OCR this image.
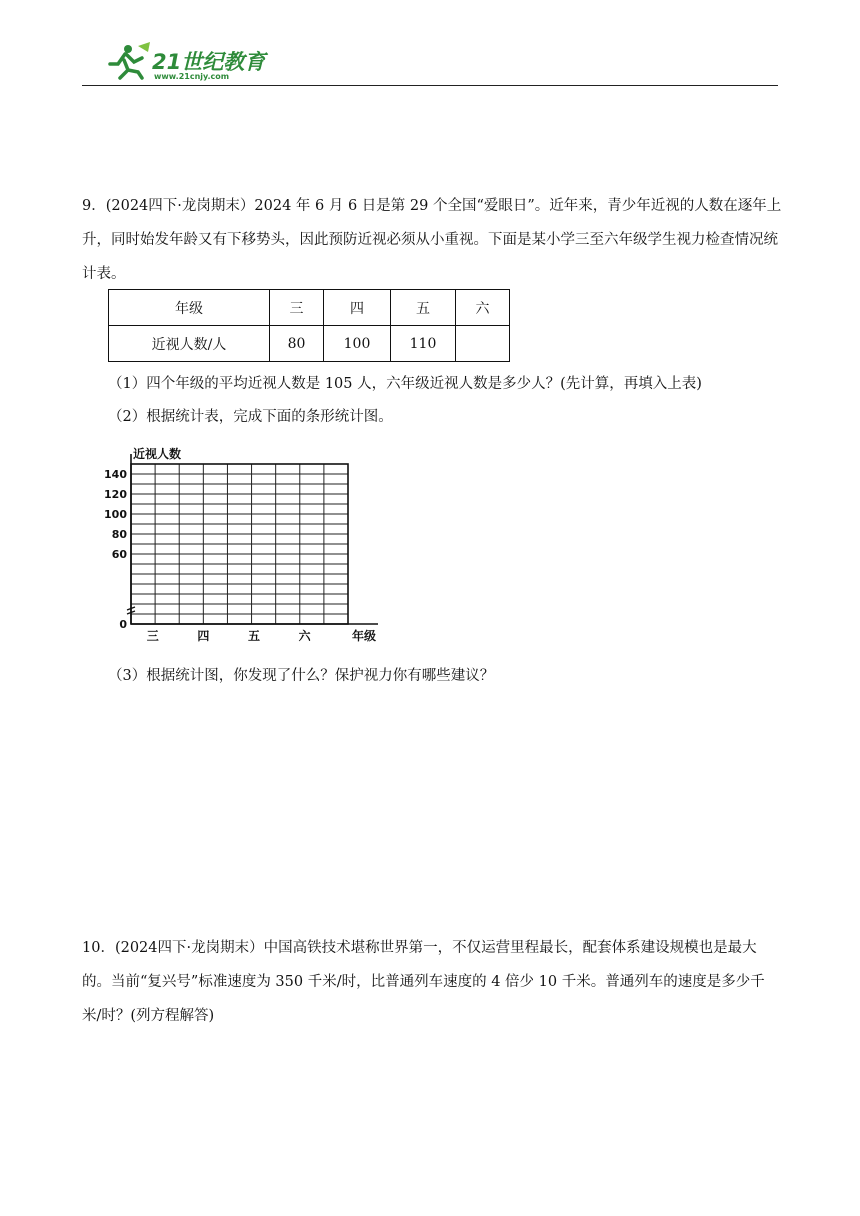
21世纪教育
www.21cnjy.com
9．(2024四下·龙岗期末）2024 年 6 月 6 日是第 29 个全国“爱眼日”。近年来，青少年近视的人数在逐年上升，同时始发年龄又有下移势头，因此预防近视必须从小重视。下面是某小学三至六年级学生视力检查情况统计表。
年级	三	四	五	六
近视人数/人	80	100	110	
（1）四个年级的平均近视人数是 105 人，六年级近视人数是多少人？(先计算，再填入上表)
（2）根据统计表，完成下面的条形统计图。
0
60
80
100
120
140
近视人数
三	四	五	六	年级
（3）根据统计图，你发现了什么？保护视力你有哪些建议？
10．(2024四下·龙岗期末）中国高铁技术堪称世界第一，不仅运营里程最长，配套体系建设规模也是最大的。当前“复兴号”标准速度为 350 千米/时，比普通列车速度的 4 倍少 10 千米。普通列车的速度是多少千米/时？(列方程解答)
